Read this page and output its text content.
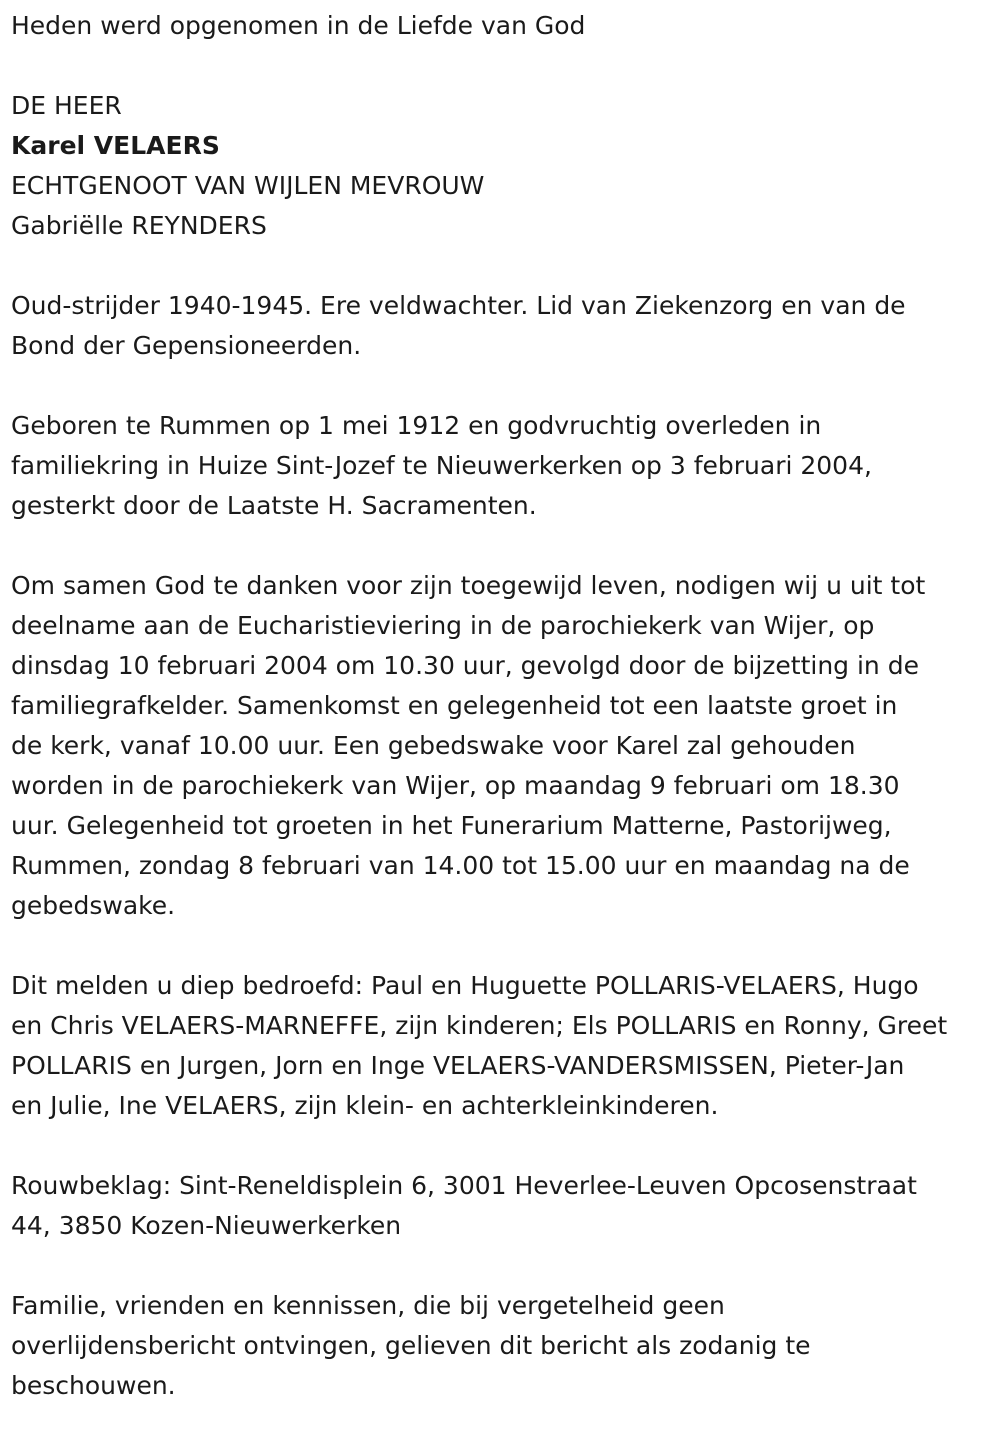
Heden werd opgenomen in de Liefde van God

DE HEER

Karel VELAERS

ECHTGENOOT VAN WIJLEN MEVROUW

Gabriëlle REYNDERS

Oud-strijder 1940-1945. Ere veldwachter. Lid van Ziekenzorg en van de

Bond der Gepensioneerden.

Geboren te Rummen op 1 mei 1912 en godvruchtig overleden in

familiekring in Huize Sint-Jozef te Nieuwerkerken op 3 februari 2004,

gesterkt door de Laatste H. Sacramenten.

Om samen God te danken voor zijn toegewijd leven, nodigen wij u uit tot

deelname aan de Eucharistieviering in de parochiekerk van Wijer, op

dinsdag 10 februari 2004 om 10.30 uur, gevolgd door de bijzetting in de

familiegrafkelder. Samenkomst en gelegenheid tot een laatste groet in

de kerk, vanaf 10.00 uur. Een gebedswake voor Karel zal gehouden

worden in de parochiekerk van Wijer, op maandag 9 februari om 18.30

uur. Gelegenheid tot groeten in het Funerarium Matterne, Pastorijweg,

Rummen, zondag 8 februari van 14.00 tot 15.00 uur en maandag na de

gebedswake.

Dit melden u diep bedroefd: Paul en Huguette POLLARIS-VELAERS, Hugo

en Chris VELAERS-MARNEFFE, zijn kinderen; Els POLLARIS en Ronny, Greet

POLLARIS en Jurgen, Jorn en Inge VELAERS-VANDERSMISSEN, Pieter-Jan

en Julie, Ine VELAERS, zijn klein- en achterkleinkinderen.

Rouwbeklag: Sint-Reneldisplein 6, 3001 Heverlee-Leuven Opcosenstraat

44, 3850 Kozen-Nieuwerkerken

Familie, vrienden en kennissen, die bij vergetelheid geen

overlijdensbericht ontvingen, gelieven dit bericht als zodanig te

beschouwen.
